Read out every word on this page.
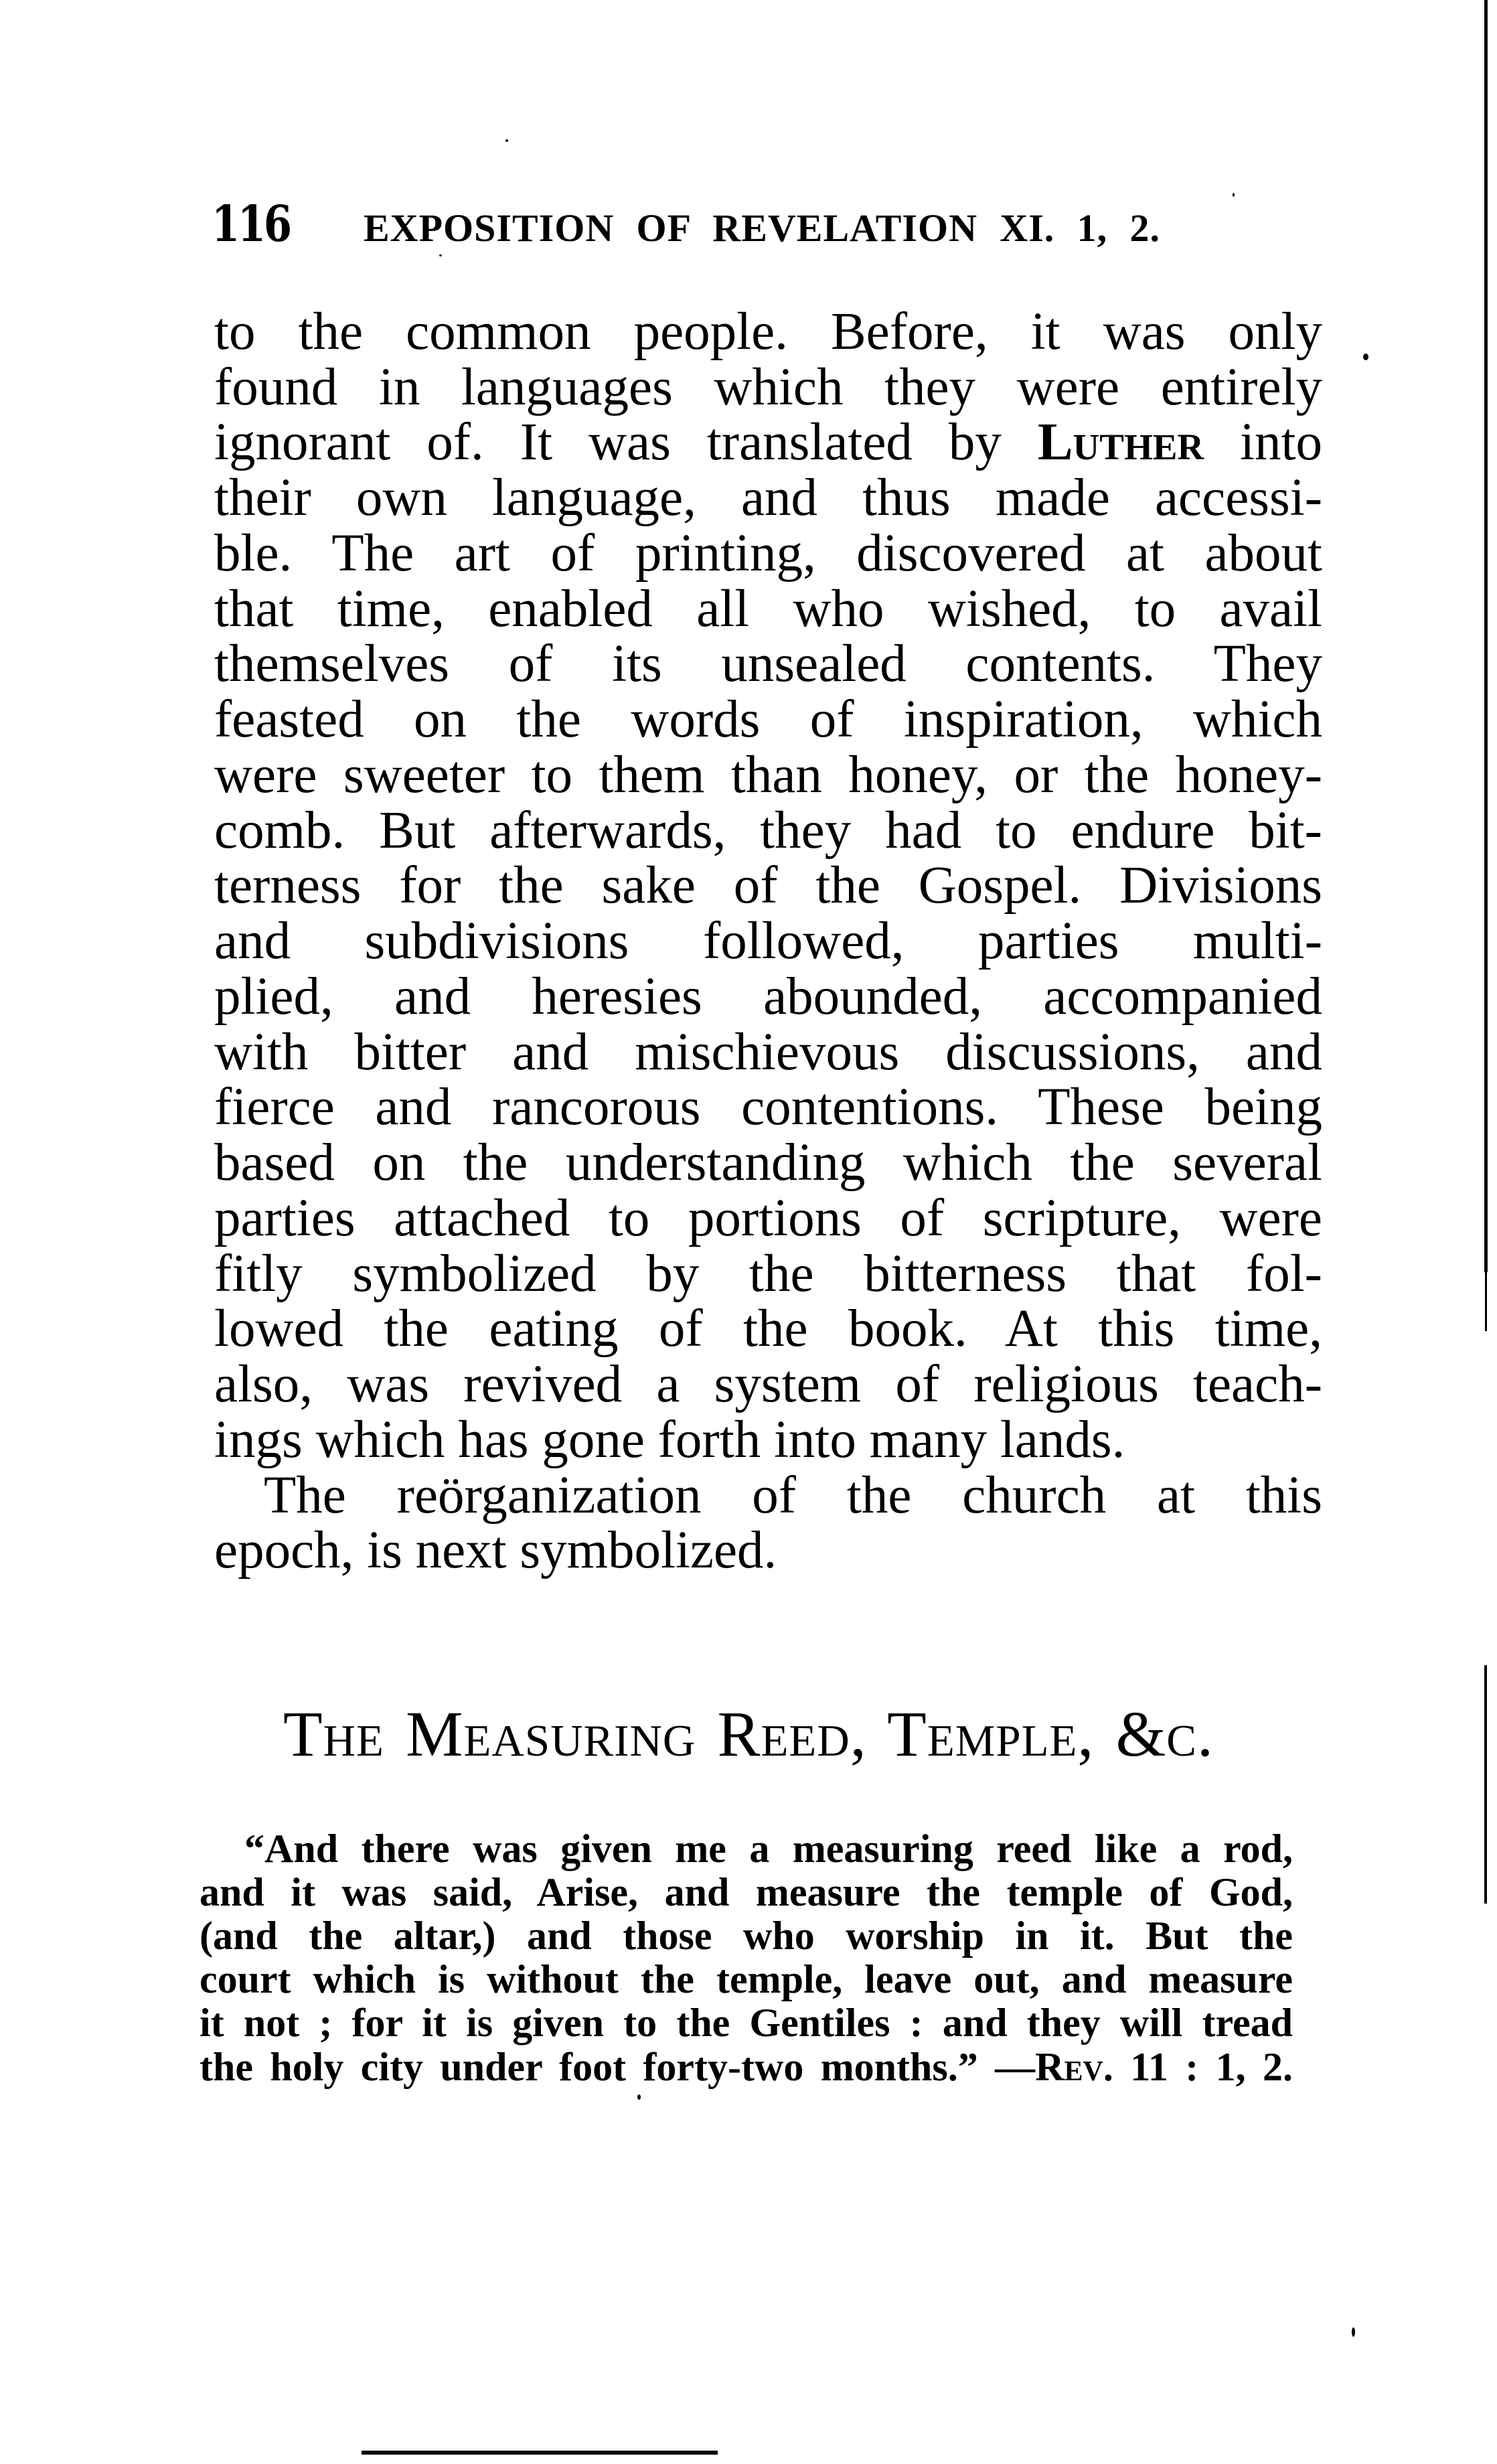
116 EXPOSITION OF REVELATION XI. 1, 2.
to the common people. Before, it was only
found in languages which they were entirely
ignorant of. It was translated by Luther into
their own language, and thus made accessi-
ble. The art of printing, discovered at about
that time, enabled all who wished, to avail
themselves of its unsealed contents. They
feasted on the words of inspiration, which
were sweeter to them than honey, or the honey-
comb. But afterwards, they had to endure bit-
terness for the sake of the Gospel. Divisions
and subdivisions followed, parties multi-
plied, and heresies abounded, accompanied
with bitter and mischievous discussions, and
fierce and rancorous contentions. These being
based on the understanding which the several
parties attached to portions of scripture, were
fitly symbolized by the bitterness that fol-
lowed the eating of the book. At this time,
also, was revived a system of religious teach-
ings which has gone forth into many lands.
The reörganization of the church at this
epoch, is next symbolized.
The Measuring Reed, Temple, &c.
“And there was given me a measuring reed like a rod,
and it was said, Arise, and measure the temple of God,
(and the altar,) and those who worship in it. But the
court which is without the temple, leave out, and measure
it not ; for it is given to the Gentiles : and they will tread
the holy city under foot forty-two months.” —Rev. 11 : 1, 2.
